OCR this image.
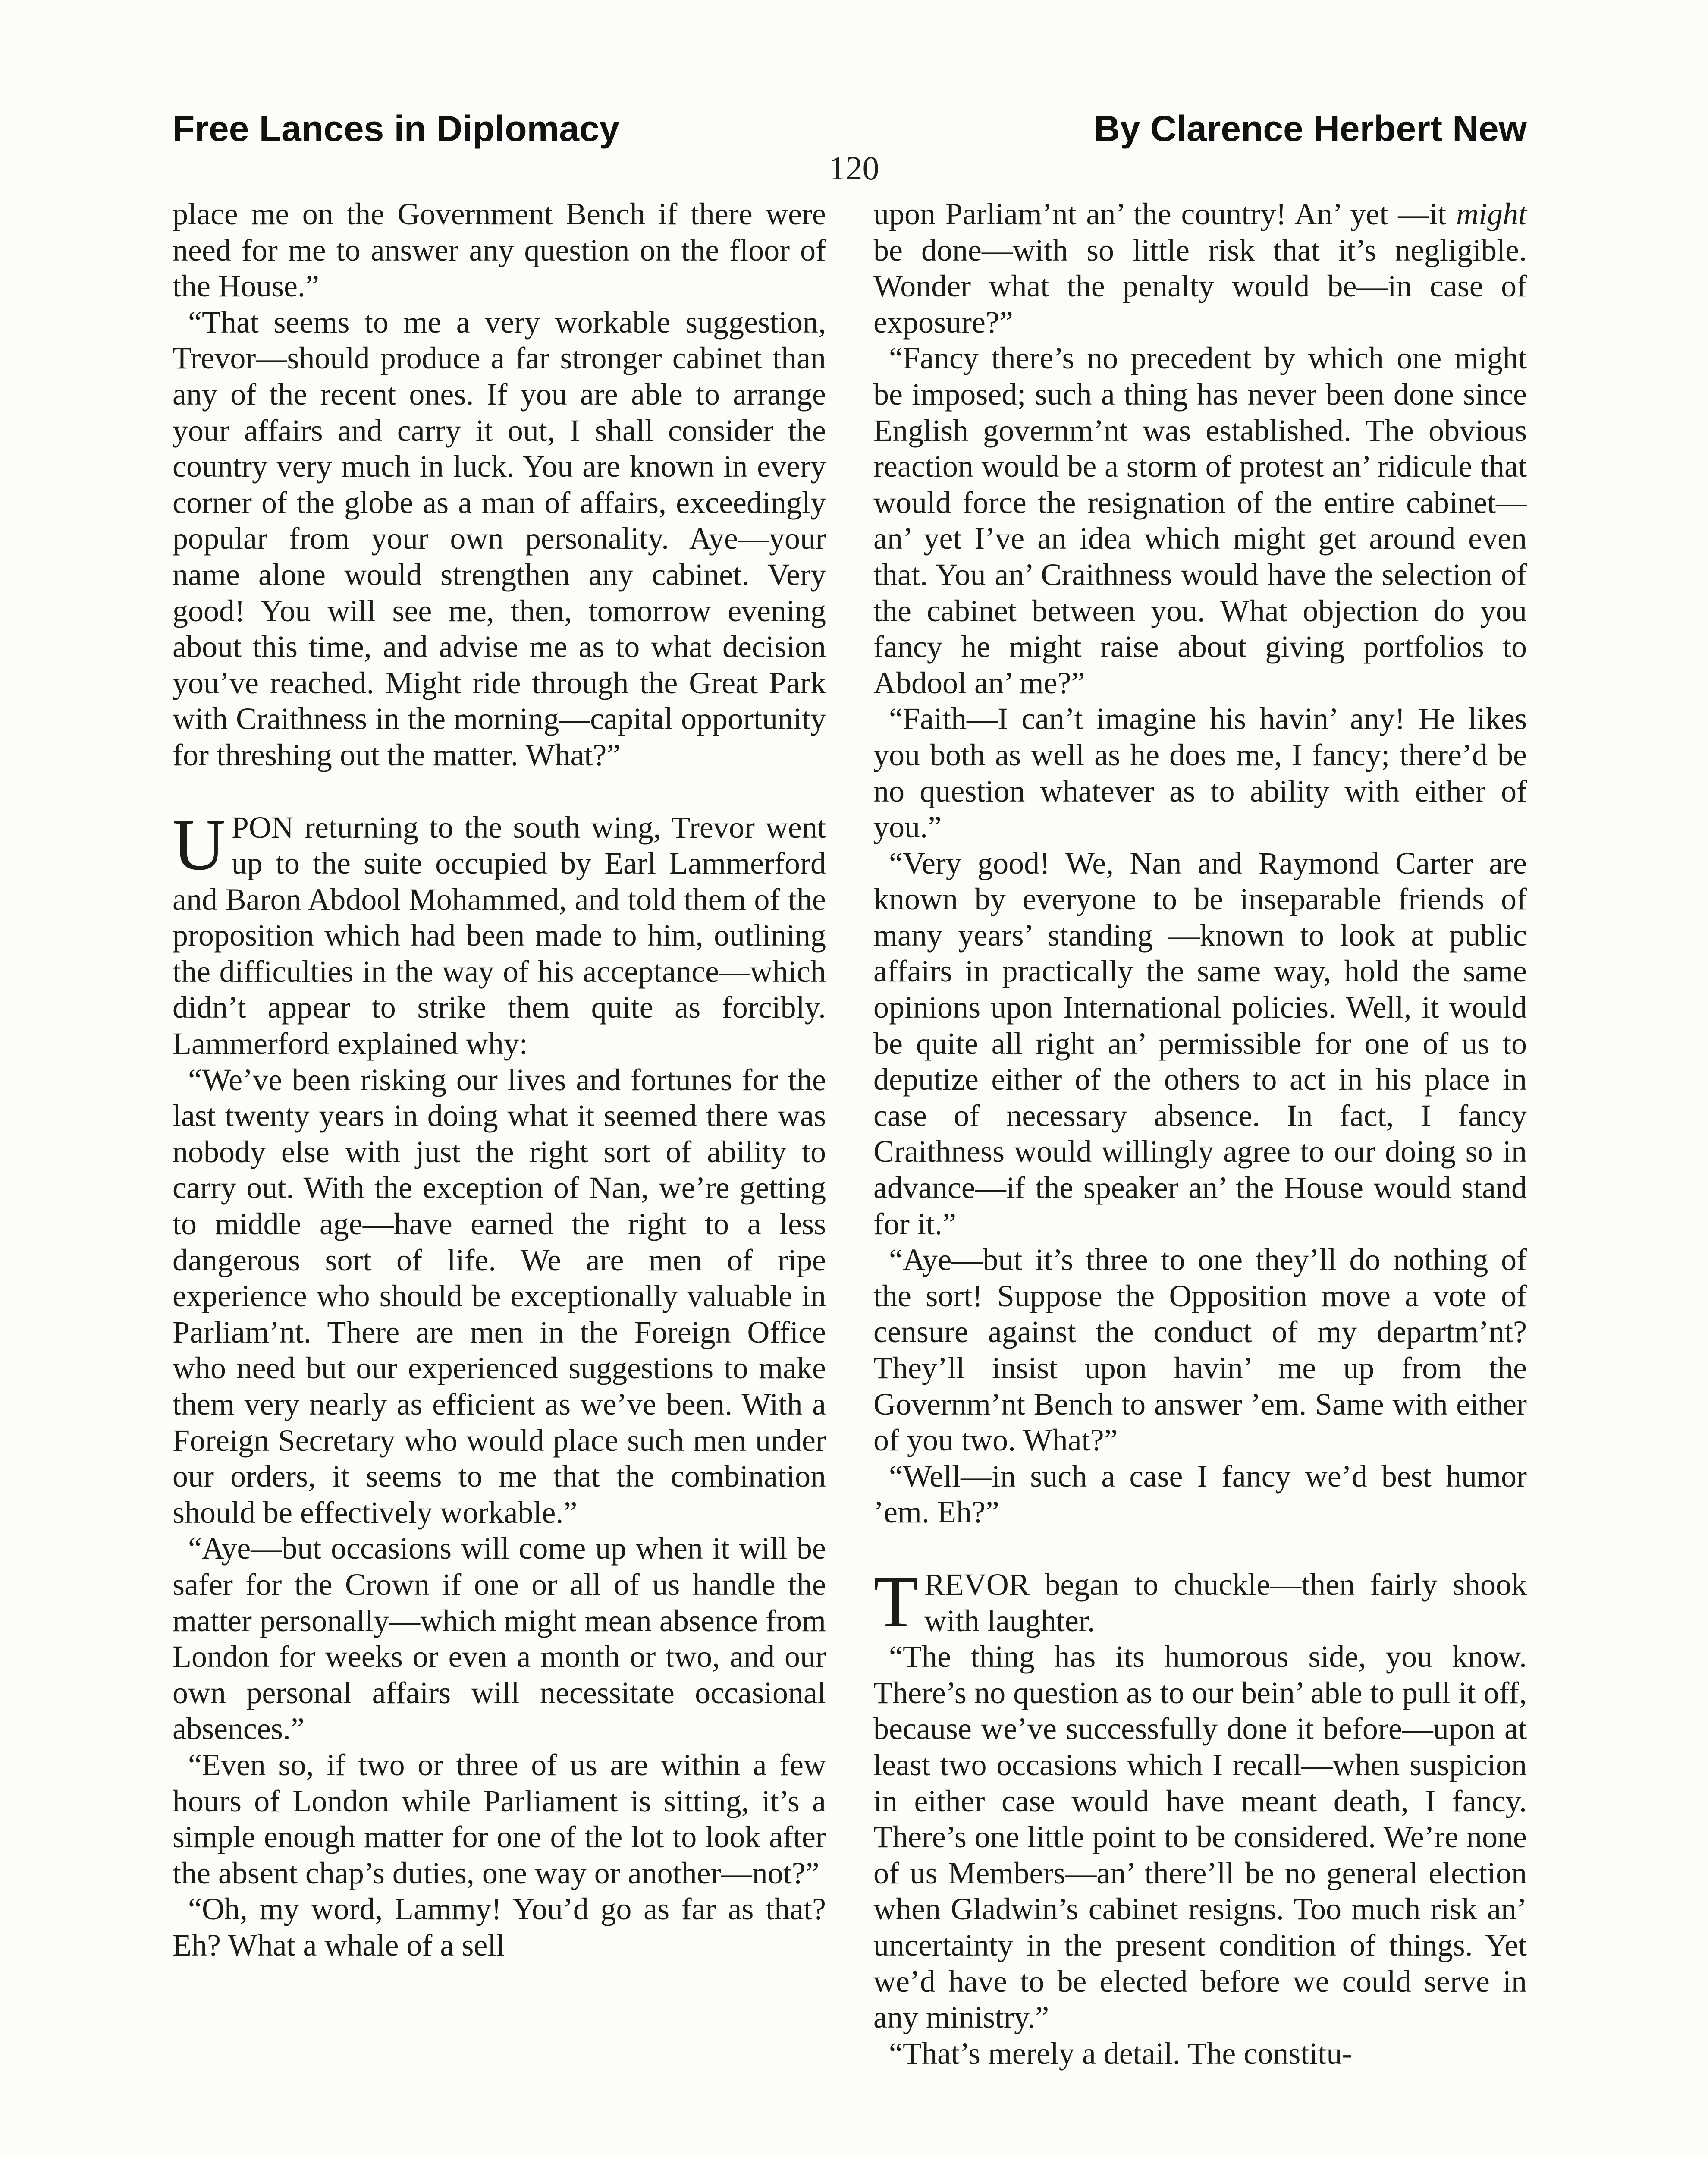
Free Lances in Diplomacy	By Clarence Herbert New
120

place me on the Government Bench if there were need for me to answer any question on the floor of the House.”

“That seems to me a very workable suggestion, Trevor—should produce a far stronger cabinet than any of the recent ones. If you are able to arrange your affairs and carry it out, I shall consider the country very much in luck. You are known in every corner of the globe as a man of affairs, exceedingly popular from your own personality. Aye—your name alone would strengthen any cabinet. Very good! You will see me, then, tomorrow evening about this time, and advise me as to what decision you’ve reached. Might ride through the Great Park with Craithness in the morning—capital opportunity for threshing out the matter. What?”

UPON returning to the south wing, Trevor went up to the suite occupied by Earl Lammerford and Baron Abdool Mohammed, and told them of the proposition which had been made to him, outlining the difficulties in the way of his acceptance—which didn’t appear to strike them quite as forcibly. Lammerford explained why:

“We’ve been risking our lives and fortunes for the last twenty years in doing what it seemed there was nobody else with just the right sort of ability to carry out. With the exception of Nan, we’re getting to middle age—have earned the right to a less dangerous sort of life. We are men of ripe experience who should be exceptionally valuable in Parliam’nt. There are men in the Foreign Office who need but our experienced suggestions to make them very nearly as efficient as we’ve been. With a Foreign Secretary who would place such men under our orders, it seems to me that the combination should be effectively workable.”

“Aye—but occasions will come up when it will be safer for the Crown if one or all of us handle the matter personally—which might mean absence from London for weeks or even a month or two, and our own personal affairs will necessitate occasional absences.”

“Even so, if two or three of us are within a few hours of London while Parliament is sitting, it’s a simple enough matter for one of the lot to look after the absent chap’s duties, one way or another—not?”

“Oh, my word, Lammy! You’d go as far as that? Eh? What a whale of a sell

upon Parliam’nt an’ the country! An’ yet —it might be done—with so little risk that it’s negligible. Wonder what the penalty would be—in case of exposure?”

“Fancy there’s no precedent by which one might be imposed; such a thing has never been done since English governm’nt was established. The obvious reaction would be a storm of protest an’ ridicule that would force the resignation of the entire cabinet—an’ yet I’ve an idea which might get around even that. You an’ Craithness would have the selection of the cabinet between you. What objection do you fancy he might raise about giving portfolios to Abdool an’ me?”

“Faith—I can’t imagine his havin’ any! He likes you both as well as he does me, I fancy; there’d be no question whatever as to ability with either of you.”

“Very good! We, Nan and Raymond Carter are known by everyone to be inseparable friends of many years’ standing —known to look at public affairs in practically the same way, hold the same opinions upon International policies. Well, it would be quite all right an’ permissible for one of us to deputize either of the others to act in his place in case of necessary absence. In fact, I fancy Craithness would willingly agree to our doing so in advance—if the speaker an’ the House would stand for it.”

“Aye—but it’s three to one they’ll do nothing of the sort! Suppose the Opposition move a vote of censure against the conduct of my departm’nt? They’ll insist upon havin’ me up from the Governm’nt Bench to answer ’em. Same with either of you two. What?”

“Well—in such a case I fancy we’d best humor ’em. Eh?”

TREVOR began to chuckle—then fairly shook with laughter.

“The thing has its humorous side, you know. There’s no question as to our bein’ able to pull it off, because we’ve successfully done it before—upon at least two occasions which I recall—when suspicion in either case would have meant death, I fancy. There’s one little point to be considered. We’re none of us Members—an’ there’ll be no general election when Gladwin’s cabinet resigns. Too much risk an’ uncertainty in the present condition of things. Yet we’d have to be elected before we could serve in any ministry.”

“That’s merely a detail. The constitu-
